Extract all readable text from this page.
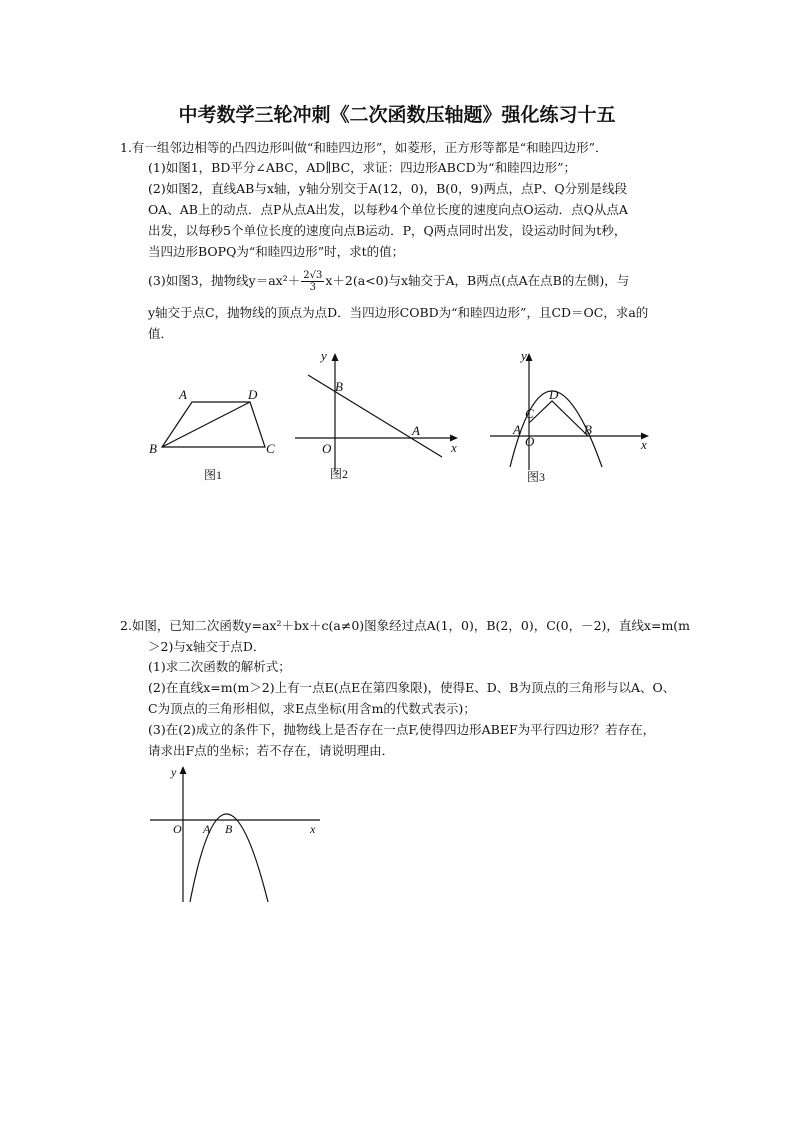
中考数学三轮冲刺《二次函数压轴题》强化练习十五
1.有一组邻边相等的凸四边形叫做“和睦四边形”，如菱形，正方形等都是“和睦四边形”．
(1)如图1，BD平分∠ABC，AD∥BC，求证：四边形ABCD为“和睦四边形”；
(2)如图2，直线AB与x轴，y轴分别交于A(12，0)，B(0，9)两点，点P、Q分别是线段
OA、AB上的动点．点P从点A出发，以每秒4个单位长度的速度向点O运动．点Q从点A
出发，以每秒5个单位长度的速度向点B运动．P，Q两点同时出发，设运动时间为t秒，
当四边形BOPQ为“和睦四边形”时，求t的值；
(3)如图3，抛物线$y=ax^2+ \frac{2√3}{3} x+2(a<0)$与x轴交于A，B两点(点A在点B的左侧)，与
y轴交于点C，抛物线的顶点为点D．当四边形COBD为“和睦四边形”，且CD＝OC，求a的
值．
A	D
B	C
图1
y
B
O
A
x
图2
y
D
C
A
O
B
x
图3
2.如图，已知二次函数y=ax²＋bx＋c(a≠0)图象经过点A(1，0)，B(2，0)，C(0，－2)，直线x=m(m
＞2)与x轴交于点D．
(1)求二次函数的解析式；
(2)在直线x=m(m＞2)上有一点E(点E在第四象限)，使得E、D、B为顶点的三角形与以A、O、
C为顶点的三角形相似，求E点坐标(用含m的代数式表示)；
(3)在(2)成立的条件下，抛物线上是否存在一点F,使得四边形ABEF为平行四边形？若存在，
请求出F点的坐标；若不存在，请说明理由．
y
O A B	x
